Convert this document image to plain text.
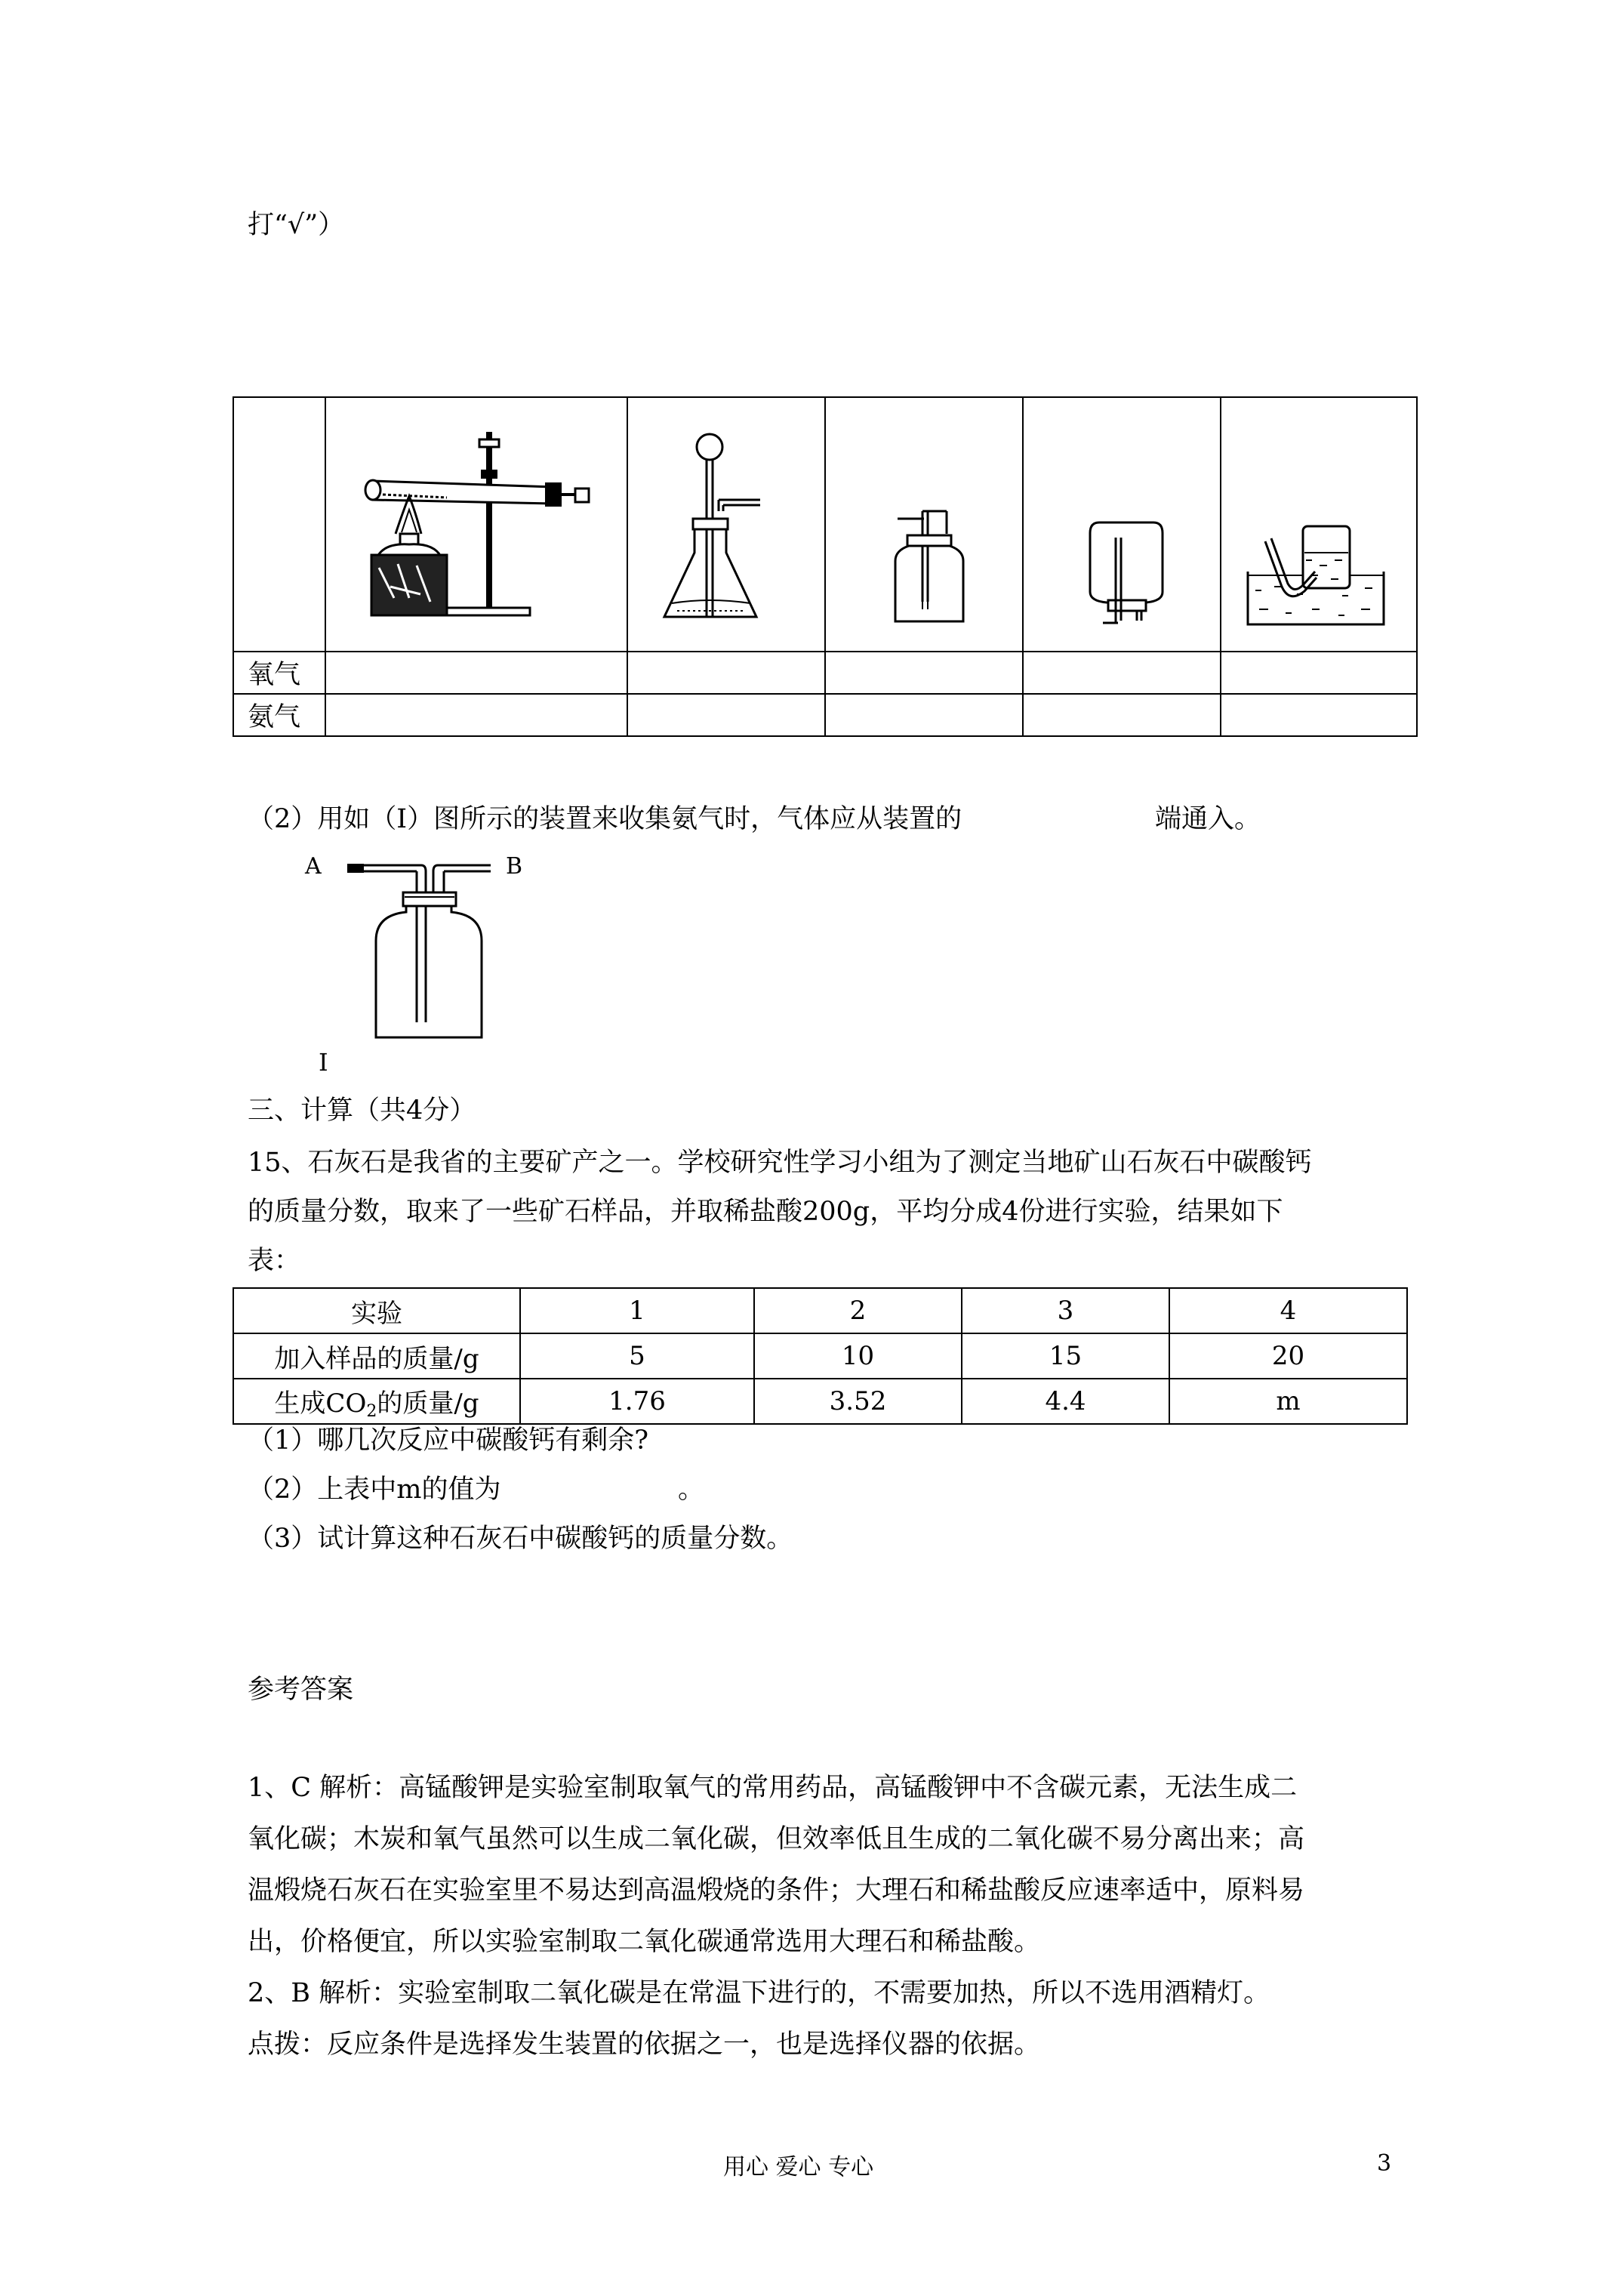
打“√”）

氧气					
氨气					
（2）用如（I）图所示的装置来收集氨气时，气体应从装置的	端通入。
A	B
I
三、计算（共4分）
15、石灰石是我省的主要矿产之一。学校研究性学习小组为了测定当地矿山石灰石中碳酸钙
的质量分数，取来了一些矿石样品，并取稀盐酸200g，平均分成4份进行实验，结果如下
表：
实验	1	2	3	4
加入样品的质量/g	5	10	15	20
生成$CO_2$的质量/g	1.76	3.52	4.4	m
（1）哪几次反应中碳酸钙有剩余?
（2）上表中m的值为	。
（3）试计算这种石灰石中碳酸钙的质量分数。
参考答案
1、C 解析：高锰酸钾是实验室制取氧气的常用药品，高锰酸钾中不含碳元素，无法生成二
氧化碳；木炭和氧气虽然可以生成二氧化碳，但效率低且生成的二氧化碳不易分离出来；高
温煅烧石灰石在实验室里不易达到高温煅烧的条件；大理石和稀盐酸反应速率适中，原料易
出，价格便宜，所以实验室制取二氧化碳通常选用大理石和稀盐酸。
2、B 解析：实验室制取二氧化碳是在常温下进行的，不需要加热，所以不选用酒精灯。
点拨：反应条件是选择发生装置的依据之一，也是选择仪器的依据。
用心 爱心 专心	3
